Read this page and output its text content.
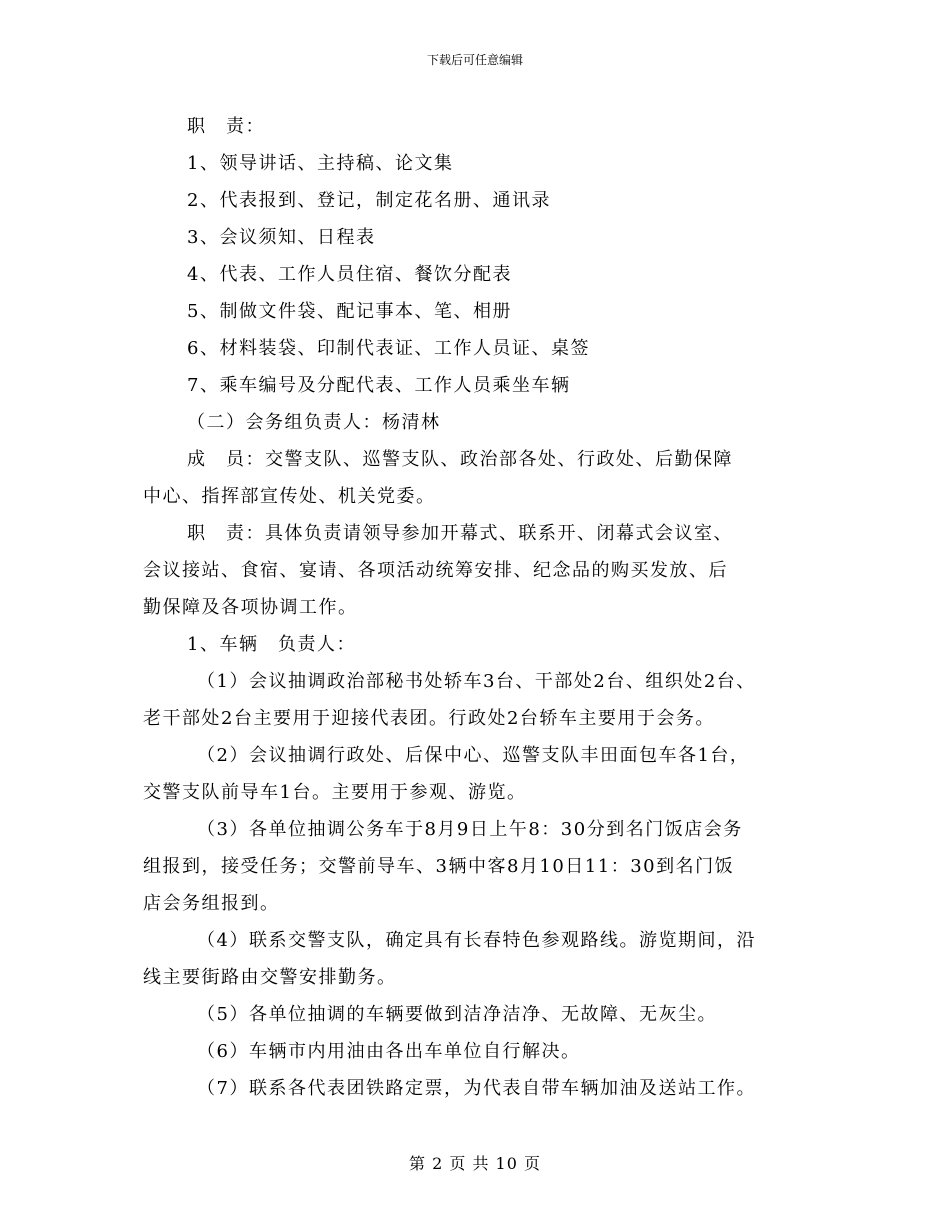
下载后可任意编辑
职　责：
1、领导讲话、主持稿、论文集
2、代表报到、登记，制定花名册、通讯录
3、会议须知、日程表
4、代表、工作人员住宿、餐饮分配表
5、制做文件袋、配记事本、笔、相册
6、材料装袋、印制代表证、工作人员证、桌签
7、乘车编号及分配代表、工作人员乘坐车辆
（二）会务组负责人：杨清林
成　员：交警支队、巡警支队、政治部各处、行政处、后勤保障
中心、指挥部宣传处、机关党委。
职　责：具体负责请领导参加开幕式、联系开、闭幕式会议室、
会议接站、食宿、宴请、各项活动统筹安排、纪念品的购买发放、后
勤保障及各项协调工作。
1、车辆　负责人：
（1）会议抽调政治部秘书处轿车3台、干部处2台、组织处2台、
老干部处2台主要用于迎接代表团。行政处2台轿车主要用于会务。
（2）会议抽调行政处、后保中心、巡警支队丰田面包车各1台，
交警支队前导车1台。主要用于参观、游览。
（3）各单位抽调公务车于8月9日上午8：30分到名门饭店会务
组报到，接受任务；交警前导车、3辆中客8月10日11：30到名门饭
店会务组报到。
（4）联系交警支队，确定具有长春特色参观路线。游览期间，沿
线主要街路由交警安排勤务。
（5）各单位抽调的车辆要做到洁净洁净、无故障、无灰尘。
（6）车辆市内用油由各出车单位自行解决。
（7）联系各代表团铁路定票，为代表自带车辆加油及送站工作。
第 2 页 共 10 页
